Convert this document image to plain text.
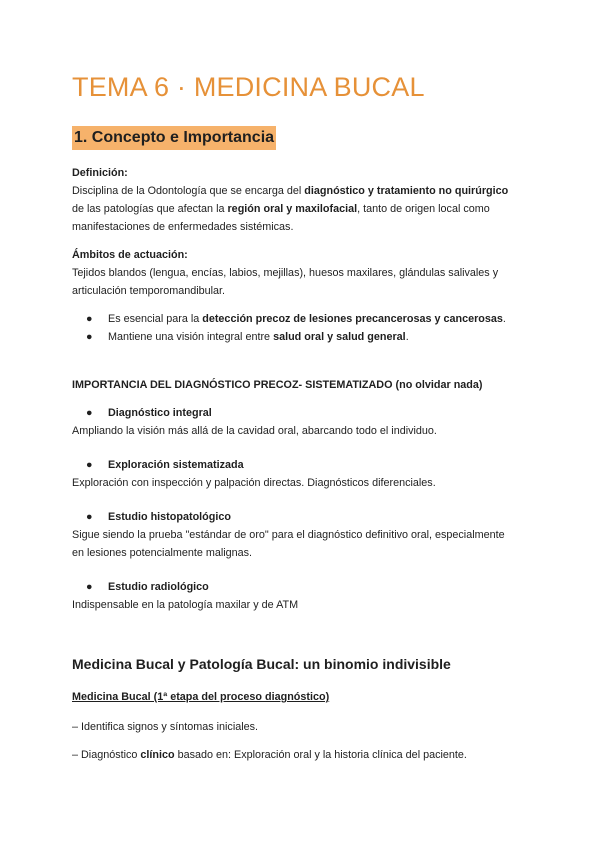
TEMA 6 · MEDICINA BUCAL
1. Concepto e Importancia

Definición:

Disciplina de la Odontología que se encarga del diagnóstico y tratamiento no quirúrgico

de las patologías que afectan la región oral y maxilofacial, tanto de origen local como

manifestaciones de enfermedades sistémicas.

Ámbitos de actuación:

Tejidos blandos (lengua, encías, labios, mejillas), huesos maxilares, glándulas salivales y

articulación temporomandibular.

● Es esencial para la detección precoz de lesiones precancerosas y cancerosas.
● Mantiene una visión integral entre salud oral y salud general.

IMPORTANCIA DEL DIAGNÓSTICO PRECOZ- SISTEMATIZADO (no olvidar nada)

● Diagnóstico integral

Ampliando la visión más allá de la cavidad oral, abarcando todo el individuo.

● Exploración sistematizada

Exploración con inspección y palpación directas. Diagnósticos diferenciales.

● Estudio histopatológico

Sigue siendo la prueba "estándar de oro" para el diagnóstico definitivo oral, especialmente

en lesiones potencialmente malignas.

● Estudio radiológico

Indispensable en la patología maxilar y de ATM

Medicina Bucal y Patología Bucal: un binomio indivisible

Medicina Bucal (1ª etapa del proceso diagnóstico)

– Identifica signos y síntomas iniciales.

– Diagnóstico clínico basado en: Exploración oral y la historia clínica del paciente.
